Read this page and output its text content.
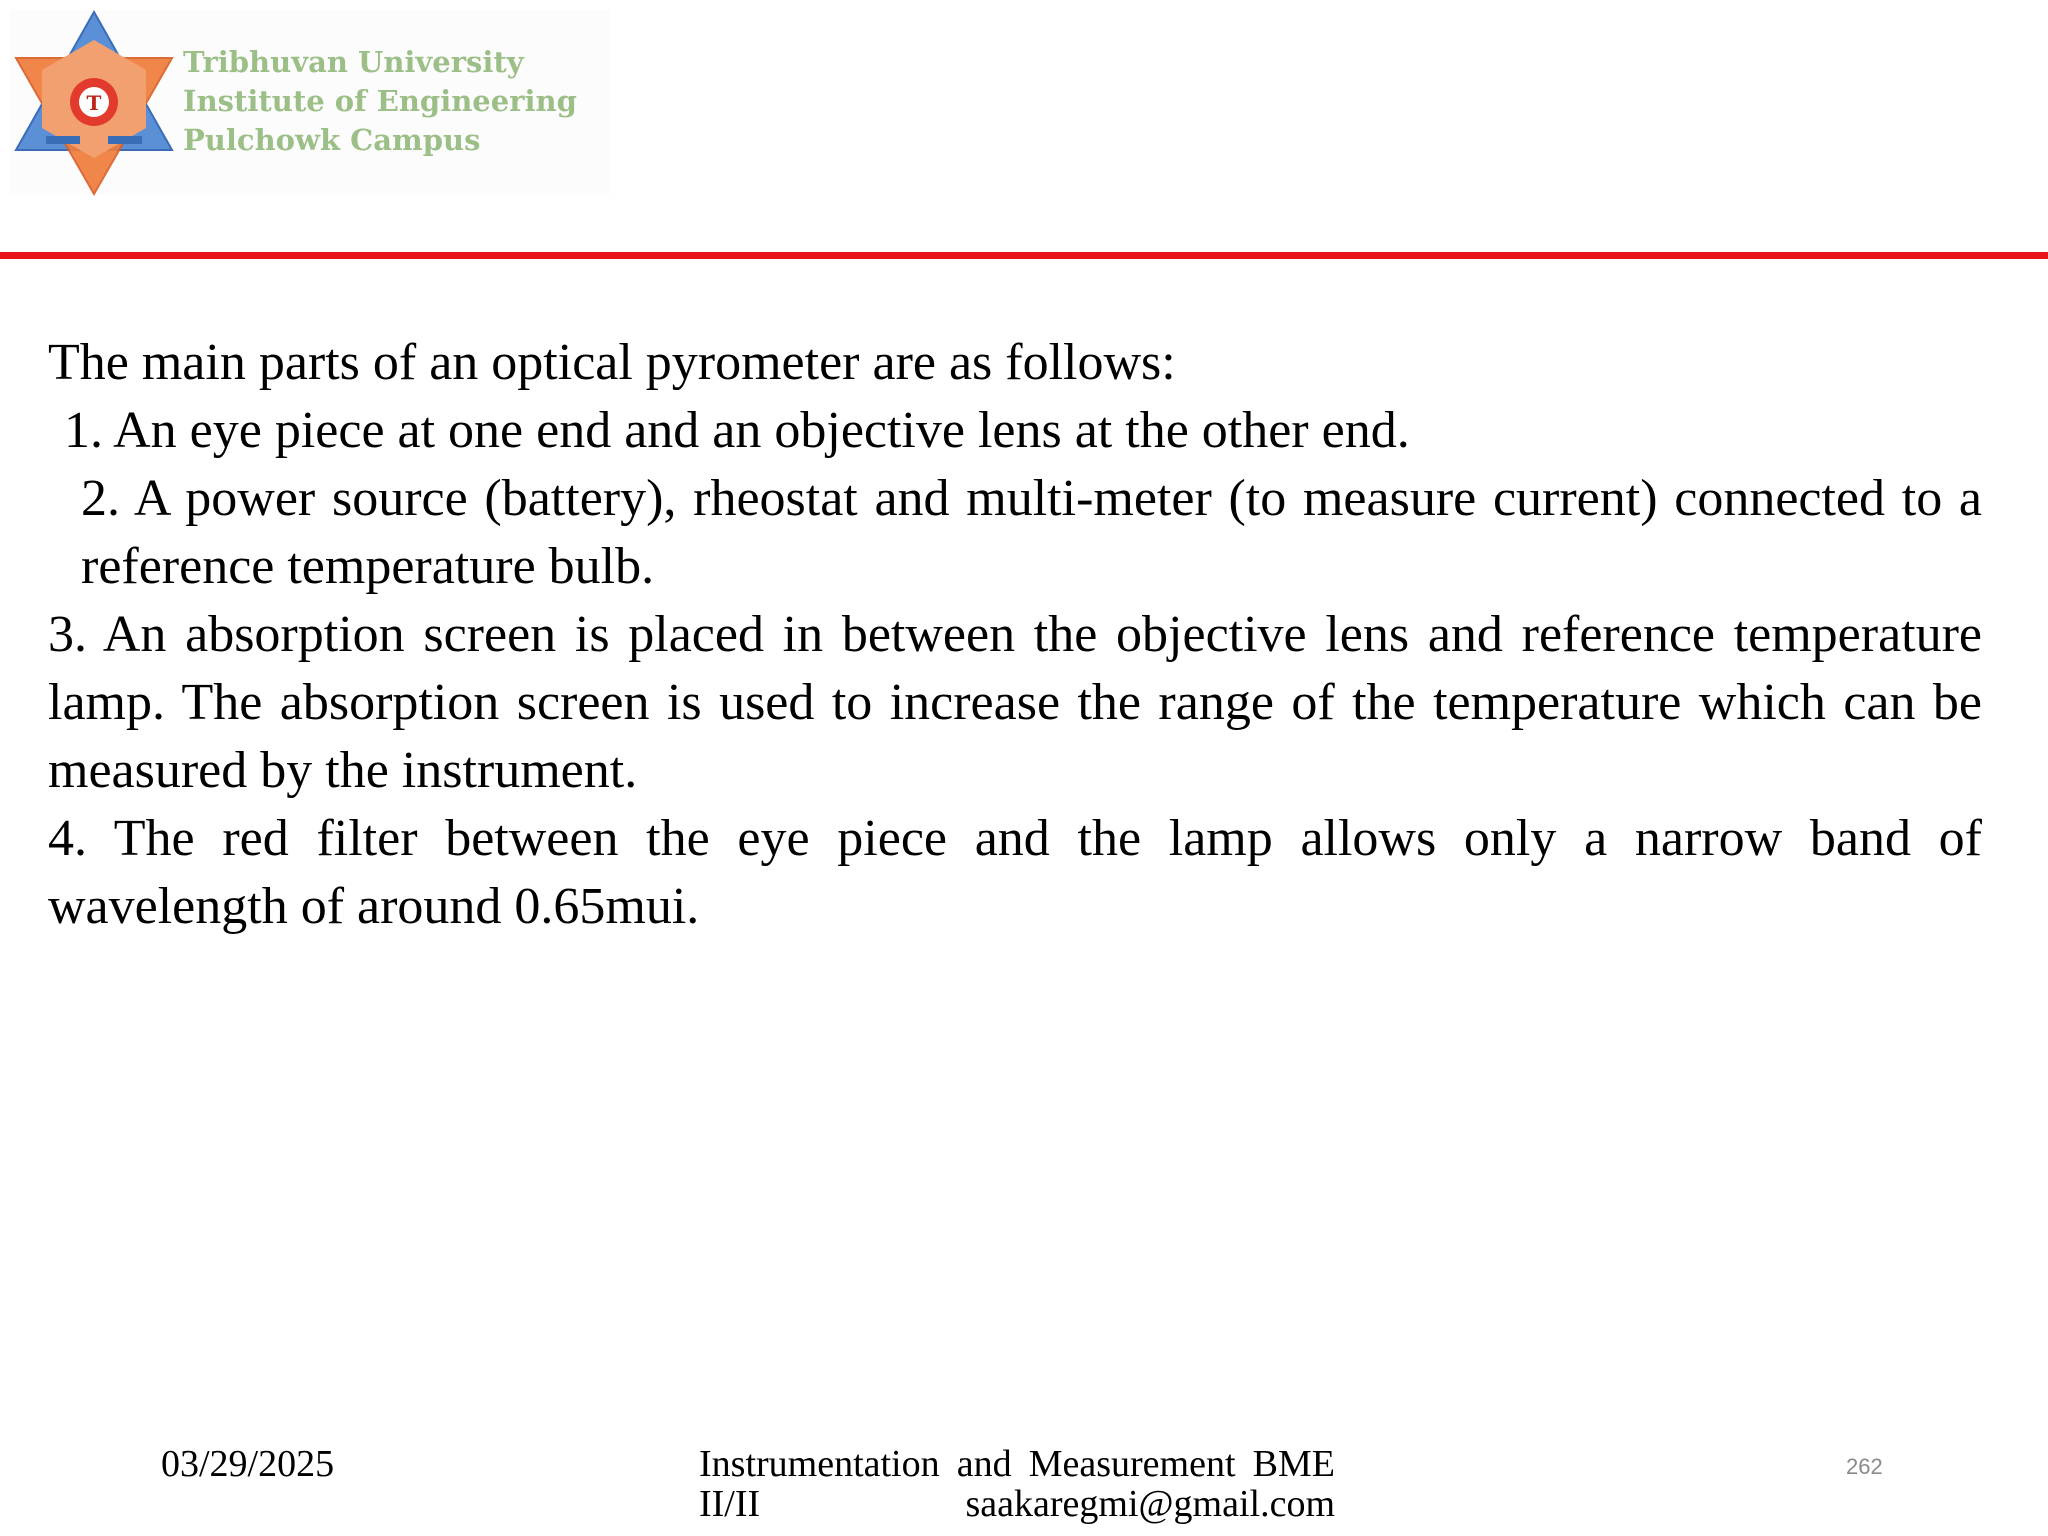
T
Tribhuvan University
Institute of Engineering
Pulchowk Campus

The main parts of an optical pyrometer are as follows:

1. An eye piece at one end and an objective lens at the other end.

2. A power source (battery), rheostat and multi-meter (to measure current) connected to a reference temperature bulb.

3. An absorption screen is placed in between the objective lens and reference temperature lamp. The absorption screen is used to increase the range of the temperature which can be measured by the instrument.

4. The red filter between the eye piece and the lamp allows only a narrow band of wavelength of around 0.65mui.

03/29/2025	Instrumentation and Measurement BME II/II	saakaregmi@gmail.com
262
